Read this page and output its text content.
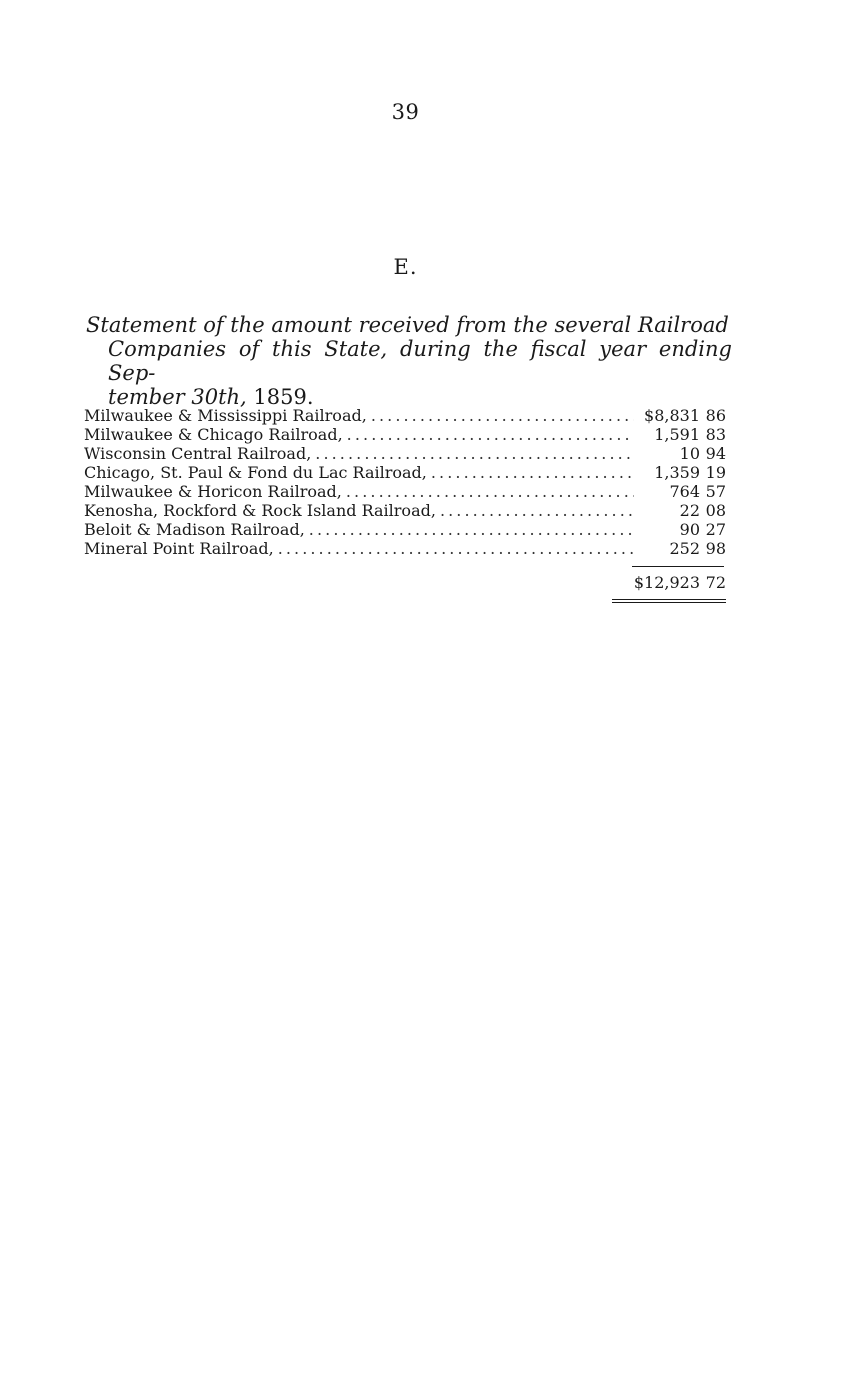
39
E.
Statement of the amount received from the several Railroad
Companies of this State, during the fiscal year ending Sep-
tember 30th, 1859.
Milwaukee & Mississippi Railroad, . . .	$8,831 86
Milwaukee & Chicago Railroad, . . .	1,591 83
Wisconsin Central Railroad, . . .	10 94
Chicago, St. Paul & Fond du Lac Railroad, . . .	1,359 19
Milwaukee & Horicon Railroad, . . .	764 57
Kenosha, Rockford & Rock Island Railroad, . . .	22 08
Beloit & Madison Railroad, . . .	90 27
Mineral Point Railroad, . . .	252 98
$12,923 72
